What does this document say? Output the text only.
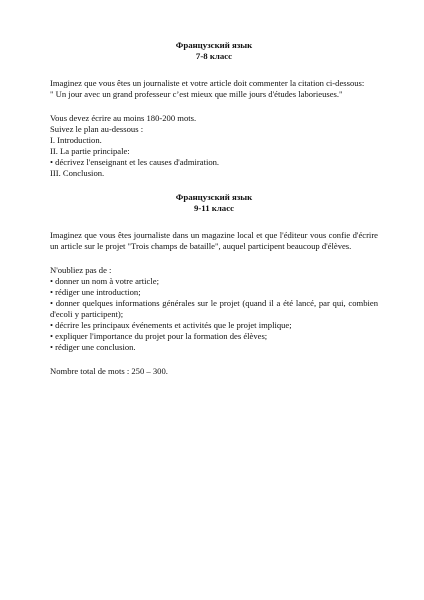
Французский язык

7-8 класс

Imaginez que vous êtes un journaliste et votre article doit commenter la citation ci-dessous:

" Un jour avec un grand professeur c’est mieux que mille jours d'études laborieuses."

Vous devez écrire au moins 180-200 mots.

Suivez le plan au-dessous :

I. Introduction.

II. La partie principale:

• décrivez l'enseignant et les causes d'admiration.

III. Conclusion.

Французский язык

9-11 класс

Imaginez que vous êtes journaliste dans un magazine local et que l'éditeur vous confie d'écrire un article sur le projet "Trois champs de bataille", auquel participent beaucoup d'élèves.

N'oubliez pas de :

• donner un nom à votre article;

• rédiger une introduction;

• donner quelques informations générales sur le projet (quand il a été lancé, par qui, combien d'ecoli y participent);

• décrire les principaux événements et activités que le projet implique;

• expliquer l'importance du projet pour la formation des élèves;

• rédiger une conclusion.

Nombre total de mots : 250 – 300.
